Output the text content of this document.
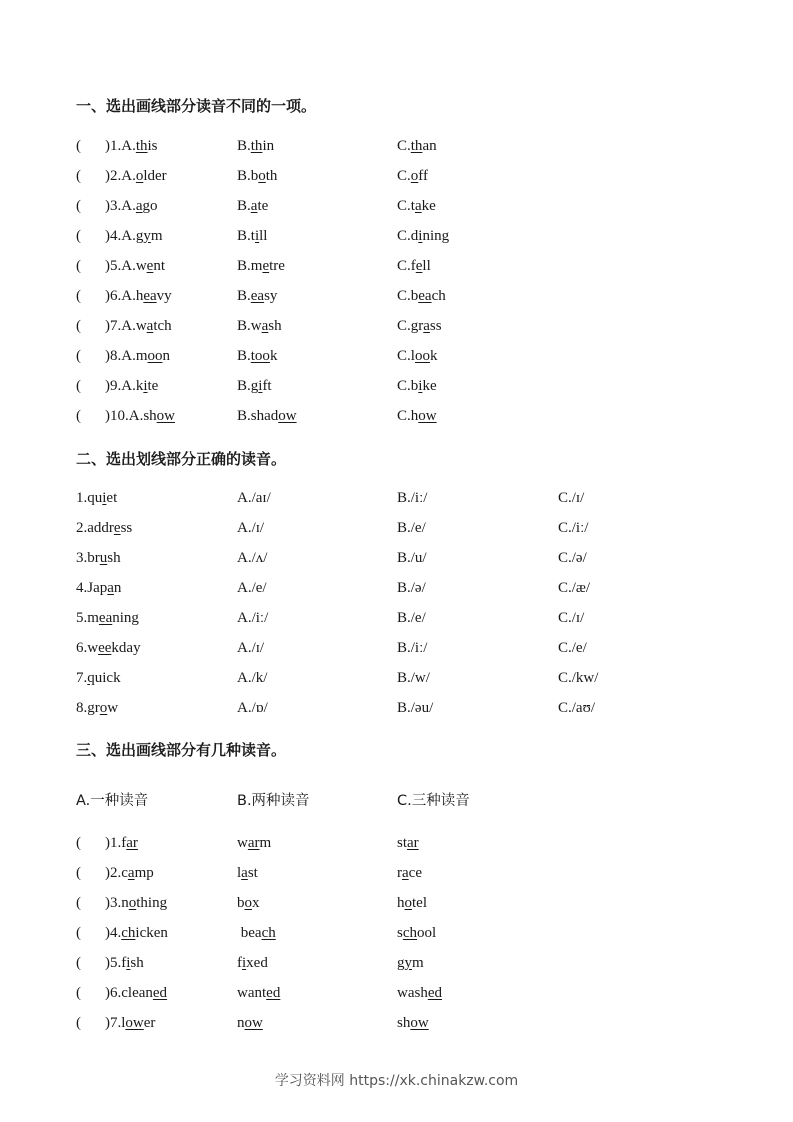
一、选出画线部分读音不同的一项。
( )1.A.this	B.thin	C.than
( )2.A.older	B.both	C.off
( )3.A.ago	B.ate	C.take
( )4.A.gym	B.till	C.dining
( )5.A.went	B.metre	C.fell
( )6.A.heavy	B.easy	C.beach
( )7.A.watch	B.wash	C.grass
( )8.A.moon	B.took	C.look
( )9.A.kite	B.gift	C.bike
( )10.A.show	B.shadow	C.how
二、选出划线部分正确的读音。
1.quiet	A./aɪ/	B./iː/	C./ɪ/
2.address	A./ɪ/	B./e/	C./iː/
3.brush	A./ʌ/	B./u/	C./ə/
4.Japan	A./e/	B./ə/	C./æ/
5.meaning	A./iː/	B./e/	C./ɪ/
6.weekday	A./ɪ/	B./iː/	C./e/
7.quick	A./k/	B./w/	C./kw/
8.grow	A./ɒ/	B./əu/	C./aʊ/
三、选出画线部分有几种读音。
A.一种读音	B.两种读音	C.三种读音
( )1.far	warm	star
( )2.camp	last	race
( )3.nothing	box	hotel
( )4.chicken	beach	school
( )5.fish	fixed	gym
( )6.cleaned	wanted	washed
( )7.lower	now	show
学习资料网 https://xk.chinakzw.com
